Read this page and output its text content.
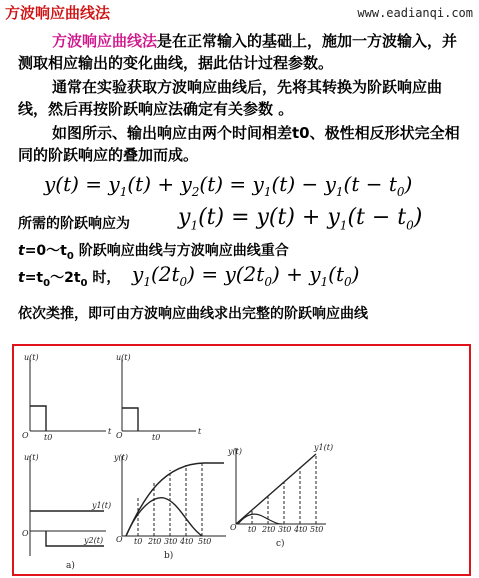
方波响应曲线法	www.eadianqi.com
方波响应曲线法是在正常输入的基础上，施加一方波输入，并测取相应输出的变化曲线，据此估计过程参数。
通常在实验获取方波响应曲线后，先将其转换为阶跃响应曲线，然后再按阶跃响应法确定有关参数 。
如图所示、输出响应由两个时间相差t0、极性相反形状完全相同的阶跃响应的叠加而成。
$y(t) = y_1(t) + y_2(t) = y_1(t) - y_1(t - t_0)$
所需的阶跃响应为 $y_1(t) = y(t) + y_1(t - t_0)$
$t=0\sim t_0$ 阶跃响应曲线与方波响应曲线重合
$t=t_0\sim 2t_0$ 时， $y_1(2t_0) = y(2t_0) + y_1(t_0)$
依次类推，即可由方波响应曲线求出完整的阶跃响应曲线
u(t)
O t0
t
u(t)
O
y1(t)
y2(t)
u(t)
O	t0
t
y(t)
O t0 2t0 3t0 4t0 5t0
y(t)
O t0 2t0 3t0 4t0 5t0
y1(t)
a)
b)
c)
